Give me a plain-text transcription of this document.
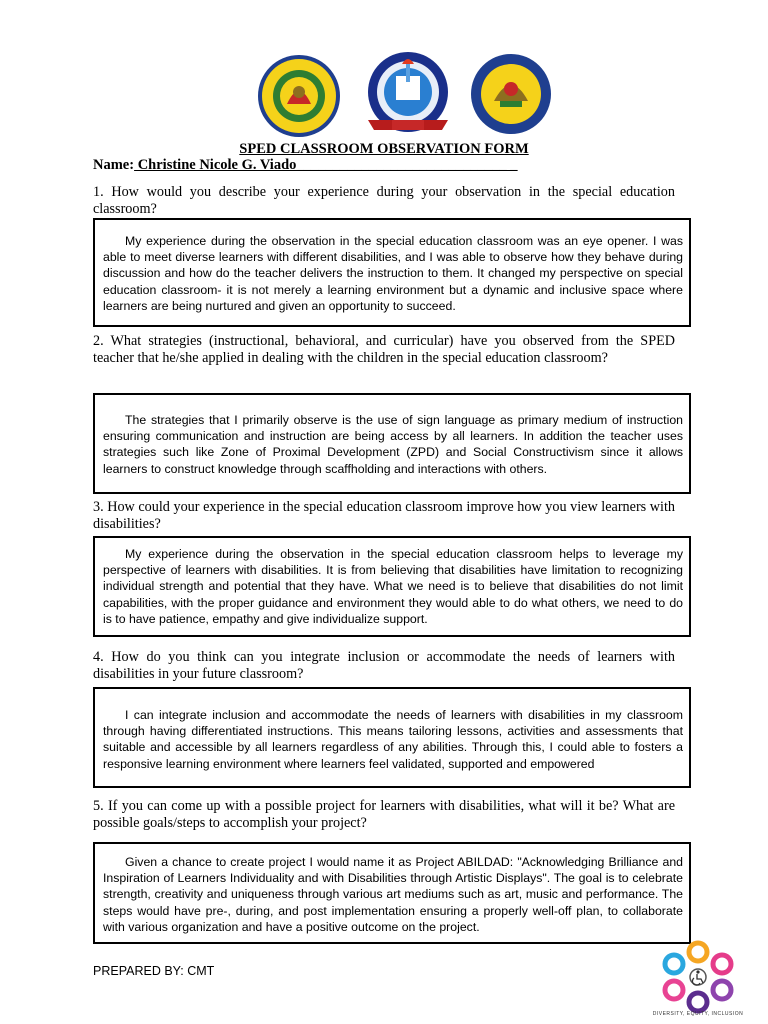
SPED CLASSROOM OBSERVATION FORM
Name: Christine Nicole G. Viado_____________________________ _
1. How would you describe your experience during your observation in the special education classroom?

My experience during the observation in the special education classroom was an eye opener. I was able to meet diverse learners with different disabilities, and I was able to observe how they behave during discussion and how do the teacher delivers the instruction to them. It changed my perspective on special education classroom- it is not merely a learning environment but a dynamic and inclusive space where learners are being nurtured and given an opportunity to succeed.

2. What strategies (instructional, behavioral, and curricular) have you observed from the SPED teacher that he/she applied in dealing with the children in the special education classroom?

The strategies that I primarily observe is the use of sign language as primary medium of instruction ensuring communication and instruction are being access by all learners. In addition the teacher uses strategies such like Zone of Proximal Development (ZPD) and Social Constructivism since it allows learners to construct knowledge through scaffholding and interactions with others.

3. How could your experience in the special education classroom improve how you view learners with disabilities?

My experience during the observation in the special education classroom helps to leverage my perspective of learners with disabilities. It is from believing that disabilities have limitation to recognizing individual strength and potential that they have. What we need is to believe that disabilities do not limit capabilities, with the proper guidance and environment they would able to do what others, we need to do is to have patience, empathy and give individualize support.

4. How do you think can you integrate inclusion or accommodate the needs of learners with disabilities in your future classroom?

I can integrate inclusion and accommodate the needs of learners with disabilities in my classroom through having differentiated instructions. This means tailoring lessons, activities and assessments that suitable and accessible by all learners regardless of any abilities. Through this, I could able to fosters a responsive learning environment where learners feel validated, supported and empowered

5. If you can come up with a possible project for learners with disabilities, what will it be? What are possible goals/steps to accomplish your project?

Given a chance to create project I would name it as Project ABILDAD: "Acknowledging Brilliance and Inspiration of Learners Individuality and with Disabilities through Artistic Displays". The goal is to celebrate strength, creativity and uniqueness through various art mediums such as art, music and performance. The steps would have pre-, during, and post implementation ensuring a properly well-off plan, to collaborate with various organization and have a positive outcome on the project.

PREPARED BY: CMT
DIVERSITY, EQUITY, INCLUSION
